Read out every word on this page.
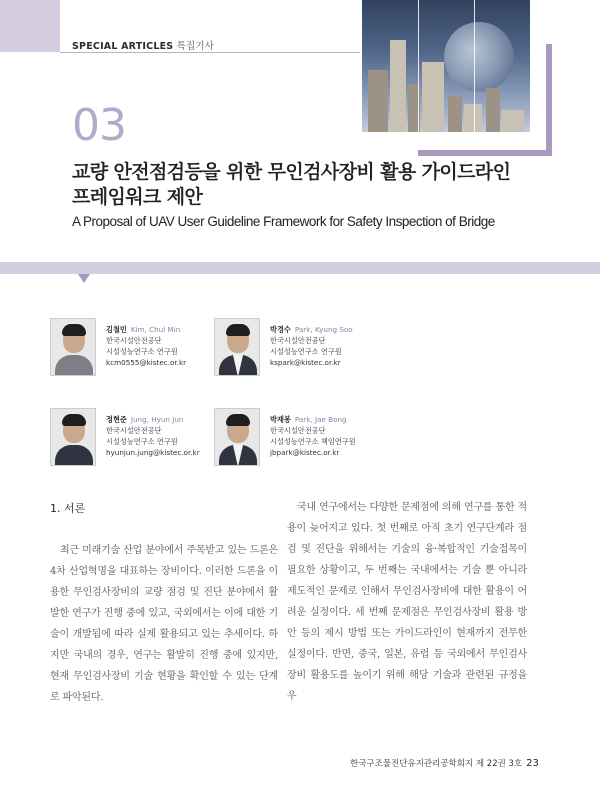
SPECIAL ARTICLES 특집기사
03
교량 안전점검등을 위한 무인검사장비 활용 가이드라인
프레임워크 제안
A Proposal of UAV User Guideline Framework for Safety Inspection of Bridge
김철민 Kim, Chul Min
한국시설안전공단
시설성능연구소 연구원
kcm0555@kistec.or.kr
박경수 Park, Kyung Soo
한국시설안전공단
시설성능연구소 연구원
kspark@kistec.or.kr
정현준 Jung, Hyun Jun
한국시설안전공단
시설성능연구소 연구원
hyunjun.jung@kistec.or.kr
박재봉 Park, Jae Bong
한국시설안전공단
시설성능연구소 책임연구원
jbpark@kistec.or.kr
1. 서론

최근 미래기술 산업 분야에서 주목받고 있는 드론은 4차 산업혁명을 대표하는 장비이다. 이러한 드론을 이용한 무인검사장비의 교량 점검 및 진단 분야에서 활발한 연구가 진행 중에 있고, 국외에서는 이에 대한 기술이 개발됨에 따라 실제 활용되고 있는 추세이다. 하지만 국내의 경우, 연구는 활발히 진행 중에 있지만, 현재 무인검사장비 기술 현황을 확인할 수 있는 단계로 파악된다.

국내 연구에서는 다양한 문제점에 의해 연구를 통한 적용이 늦어지고 있다. 첫 번째로 아직 초기 연구단계라 점검 및 진단을 위해서는 기술의 융·복합적인 기술접목이 필요한 상황이고, 두 번째는 국내에서는 기술 뿐 아니라 제도적인 문제로 인해서 무인검사장비에 대한 활용이 어려운 실정이다. 세 번째 문제점은 무인검사장비 활용 방안 등의 제시 방법 또는 가이드라인이 현재까지 전무한 실정이다. 반면, 중국, 일본, 유럽 등 국외에서 무인검사장비 활용도를 높이기 위해 해당 기술과 관련된 규정을 우

한국구조물진단유지관리공학회지 제 22권 3호 23
